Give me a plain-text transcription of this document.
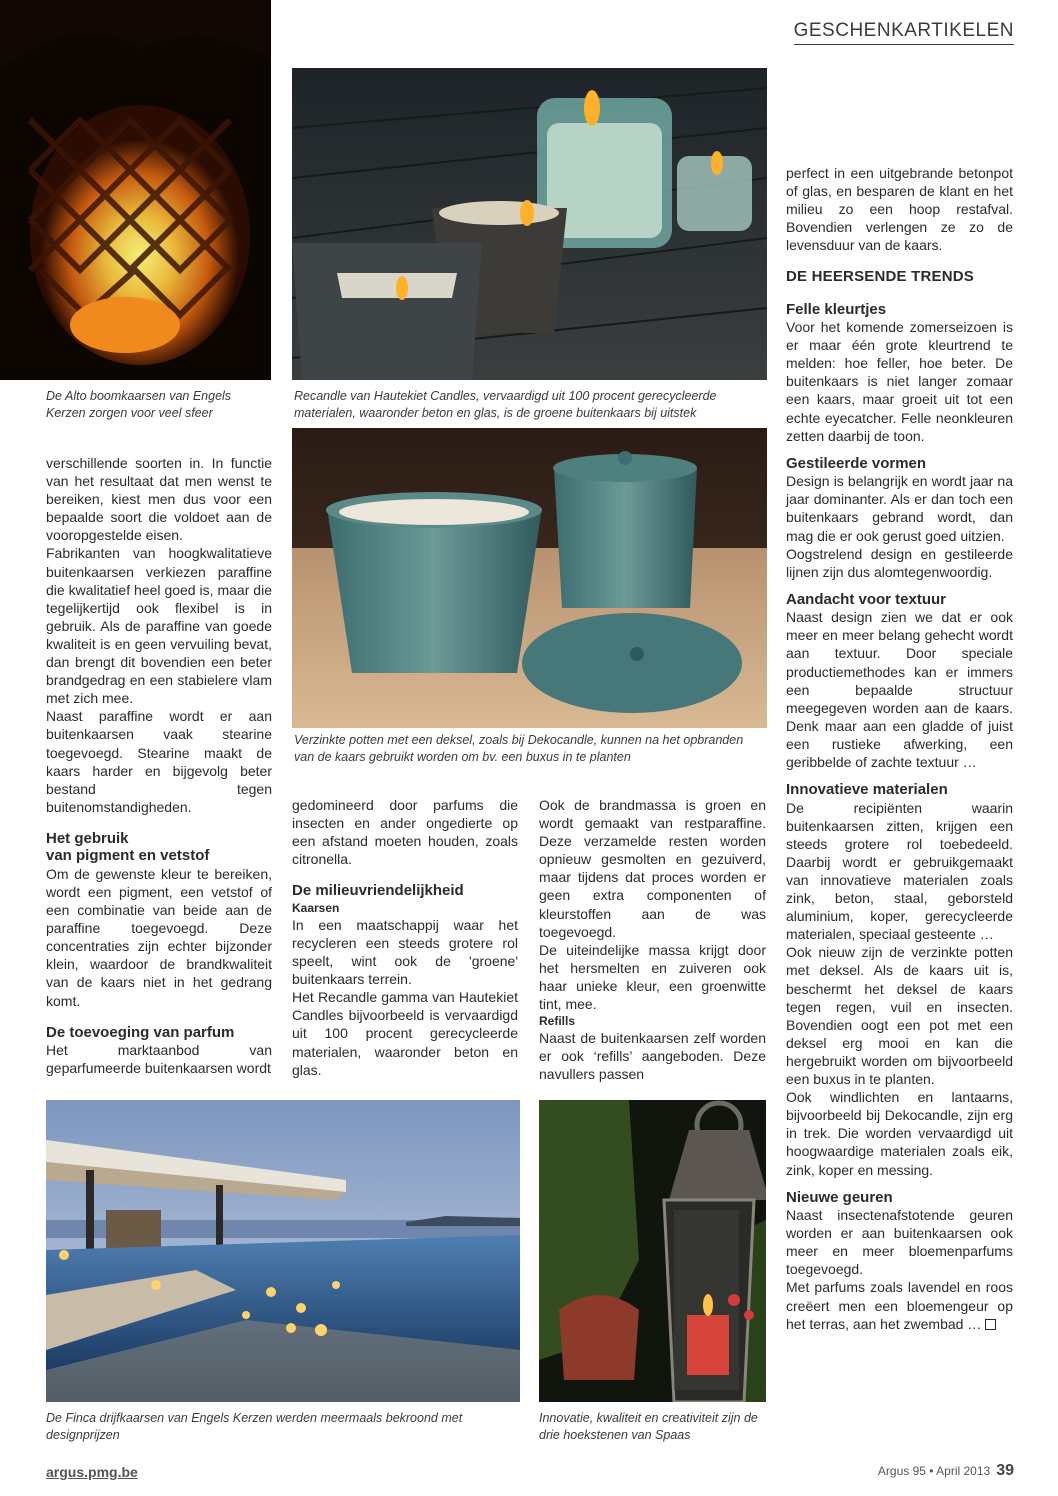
GESCHENKARTIKELEN
De Alto boomkaarsen van Engels Kerzen zorgen voor veel sfeer
Recandle van Hautekiet Candles, vervaardigd uit 100 procent gerecycleerde materialen, waaronder beton en glas, is de groene buitenkaars bij uitstek
Verzinkte potten met een deksel, zoals bij Dekocandle, kunnen na het opbranden van de kaars gebruikt worden om bv. een buxus in te planten

verschillende soorten in. In functie van het resultaat dat men wenst te bereiken, kiest men dus voor een bepaalde soort die voldoet aan de vooropgestelde eisen.

Fabrikanten van hoogkwalitatieve buitenkaarsen verkiezen paraffine die kwalitatief heel goed is, maar die tegelijkertijd ook flexibel is in gebruik. Als de paraffine van goede kwaliteit is en geen vervuiling bevat, dan brengt dit bovendien een beter brandgedrag en een stabielere vlam met zich mee.

Naast paraffine wordt er aan buitenkaarsen vaak stearine toegevoegd. Stearine maakt de kaars harder en bijgevolg beter bestand tegen buitenomstandigheden.

Het gebruik
van pigment en vetstof

Om de gewenste kleur te bereiken, wordt een pigment, een vetstof of een combinatie van beide aan de paraffine toegevoegd. Deze concentraties zijn echter bijzonder klein, waardoor de brandkwaliteit van de kaars niet in het gedrang komt.

De toevoeging van parfum

Het marktaanbod van geparfumeerde buitenkaarsen wordt

gedomineerd door parfums die insecten en ander ongedierte op een afstand moeten houden, zoals citronella.

De milieuvriendelijkheid
Kaarsen

In een maatschappij waar het recycleren een steeds grotere rol speelt, wint ook de 'groene' buitenkaars terrein.

Het Recandle gamma van Hautekiet Candles bijvoorbeeld is vervaardigd uit 100 procent gerecycleerde materialen, waaronder beton en glas.

Ook de brandmassa is groen en wordt gemaakt van restparaffine. Deze verzamelde resten worden opnieuw gesmolten en gezuiverd, maar tijdens dat proces worden er geen extra componenten of kleurstoffen aan de was toegevoegd.

De uiteindelijke massa krijgt door het hersmelten en zuiveren ook haar unieke kleur, een groenwitte tint, mee.

Refills

Naast de buitenkaarsen zelf worden er ook ‘refills’ aangeboden. Deze navullers passen

perfect in een uitgebrande betonpot of glas, en besparen de klant en het milieu zo een hoop restafval. Bovendien verlengen ze zo de levensduur van de kaars.

DE HEERSENDE TRENDS
Felle kleurtjes

Voor het komende zomerseizoen is er maar één grote kleurtrend te melden: hoe feller, hoe beter. De buitenkaars is niet langer zomaar een kaars, maar groeit uit tot een echte eyecatcher. Felle neonkleuren zetten daarbij de toon.

Gestileerde vormen

Design is belangrijk en wordt jaar na jaar dominanter. Als er dan toch een buitenkaars gebrand wordt, dan mag die er ook gerust goed uitzien.

Oogstrelend design en gestileerde lijnen zijn dus alomtegenwoordig.

Aandacht voor textuur

Naast design zien we dat er ook meer en meer belang gehecht wordt aan textuur. Door speciale productiemethodes kan er immers een bepaalde structuur meegegeven worden aan de kaars. Denk maar aan een gladde of juist een rustieke afwerking, een geribbelde of zachte textuur …

Innovatieve materialen

De recipiënten waarin buitenkaarsen zitten, krijgen een steeds grotere rol toebedeeld. Daarbij wordt er gebruikgemaakt van innovatieve materialen zoals zink, beton, staal, geborsteld aluminium, koper, gerecycleerde materialen, speciaal gesteente …

Ook nieuw zijn de verzinkte potten met deksel. Als de kaars uit is, beschermt het deksel de kaars tegen regen, vuil en insecten. Bovendien oogt een pot met een deksel erg mooi en kan die hergebruikt worden om bijvoorbeeld een buxus in te planten.

Ook windlichten en lantaarns, bijvoorbeeld bij Dekocandle, zijn erg in trek. Die worden vervaardigd uit hoogwaardige materialen zoals eik, zink, koper en messing.

Nieuwe geuren

Naast insectenafstotende geuren worden er aan buitenkaarsen ook meer en meer bloemenparfums toegevoegd.

Met parfums zoals lavendel en roos creëert men een bloemengeur op het terras, aan het zwembad …

De Finca drijfkaarsen van Engels Kerzen werden meermaals bekroond met designprijzen
Innovatie, kwaliteit en creativiteit zijn de drie hoekstenen van Spaas
argus.pmg.be	Argus 95 • April 2013 39
